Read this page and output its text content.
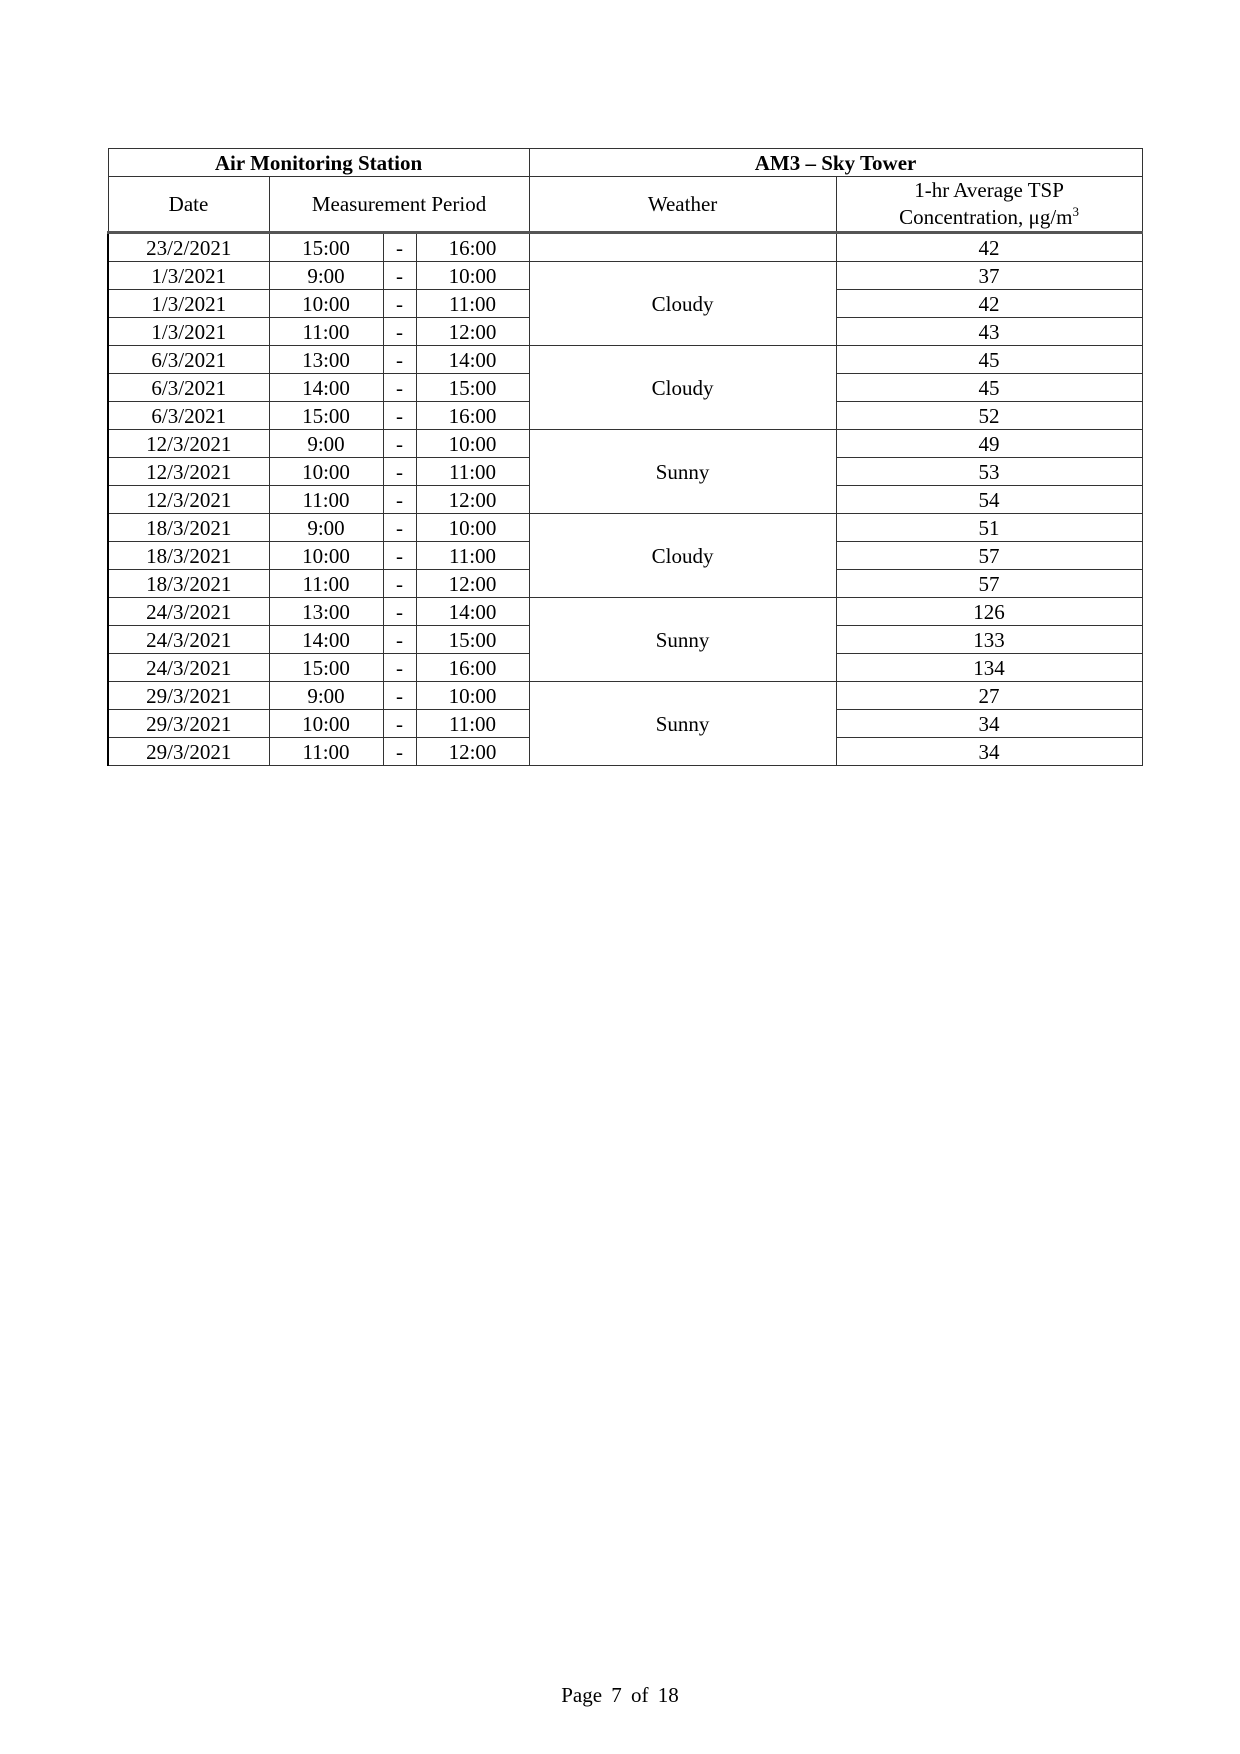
Air Monitoring Station				AM3 – Sky Tower	
Date	Measurement Period			Weather	1-hr Average TSP
Concentration, $\mu g/m^3$
23/2/2021	15:00	-	16:00		42
1/3/2021	9:00	-	10:00	Cloudy	37
1/3/2021	10:00	-	11:00		42
1/3/2021	11:00	-	12:00		43
6/3/2021	13:00	-	14:00	Cloudy	45
6/3/2021	14:00	-	15:00		45
6/3/2021	15:00	-	16:00		52
12/3/2021	9:00	-	10:00	Sunny	49
12/3/2021	10:00	-	11:00		53
12/3/2021	11:00	-	12:00		54
18/3/2021	9:00	-	10:00	Cloudy	51
18/3/2021	10:00	-	11:00		57
18/3/2021	11:00	-	12:00		57
24/3/2021	13:00	-	14:00	Sunny	126
24/3/2021	14:00	-	15:00		133
24/3/2021	15:00	-	16:00		134
29/3/2021	9:00	-	10:00	Sunny	27
29/3/2021	10:00	-	11:00		34
29/3/2021	11:00	-	12:00		34
Page 7 of 18
